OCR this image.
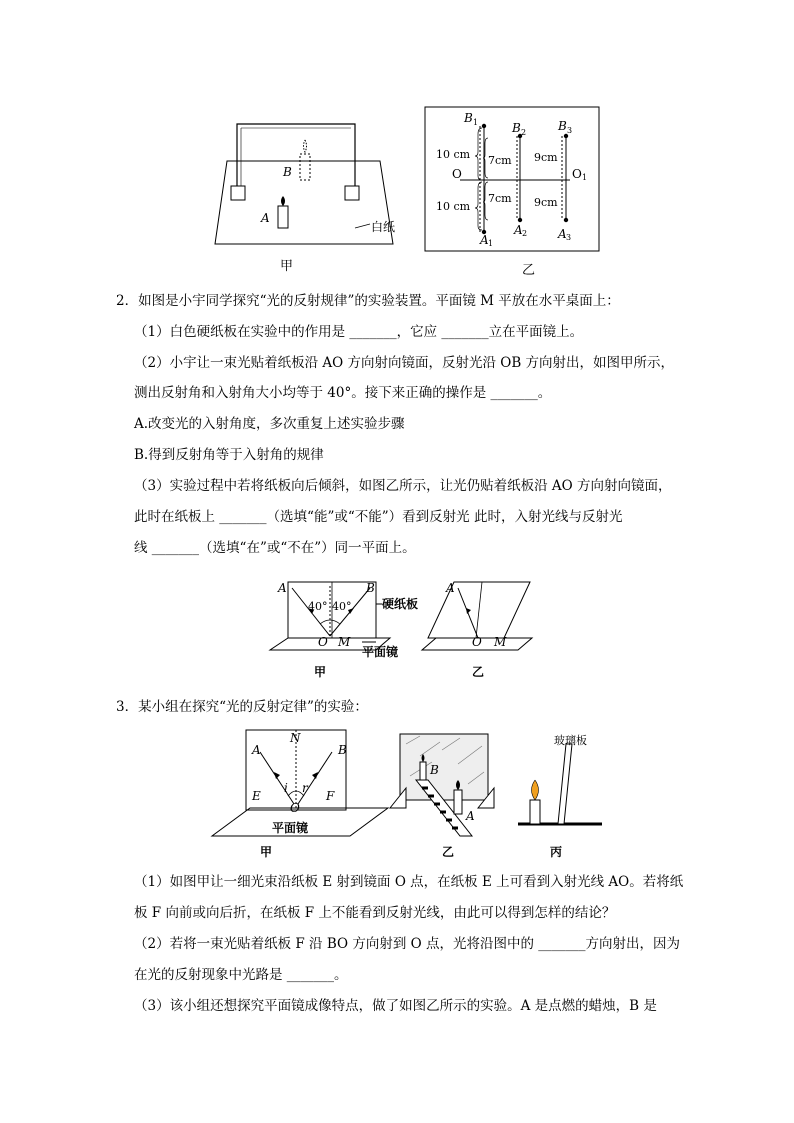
B
A
白纸
B 1	B 2	B 3
A 1
A 2	A 3
O	O 1
10 cm 7cm 9cm
10 cm
7cm 9cm
甲	乙
2．如图是小宇同学探究“光的反射规律”的实验装置。平面镜 M 平放在水平桌面上：
（1）白色硬纸板在实验中的作用是 _______，它应 _______立在平面镜上。
（2）小宇让一束光贴着纸板沿 AO 方向射向镜面，反射光沿 OB 方向射出，如图甲所示，
测出反射角和入射角大小均等于 40°。接下来正确的操作是 _______。
A.改变光的入射角度，多次重复上述实验步骤
B.得到反射角等于入射角的规律
（3）实验过程中若将纸板向后倾斜，如图乙所示，让光仍贴着纸板沿 AO 方向射向镜面，
此时在纸板上 _______（选填“能”或“不能”）看到反射光 此时，入射光线与反射光
线 _______（选填“在”或“不在”）同一平面上。
A	B
40° 40°
O M
硬纸板
平面镜
甲
A
O M
乙
3．某小组在探究“光的反射定律”的实验：
N
A	B
i r
E	F
O
平面镜
甲
B
A
乙
玻璃板
丙
（1）如图甲让一细光束沿纸板 E 射到镜面 O 点，在纸板 E 上可看到入射光线 AO。若将纸
板 F 向前或向后折，在纸板 F 上不能看到反射光线，由此可以得到怎样的结论？
（2）若将一束光贴着纸板 F 沿 BO 方向射到 O 点，光将沿图中的 _______方向射出，因为
在光的反射现象中光路是 _______。
（3）该小组还想探究平面镜成像特点，做了如图乙所示的实验。A 是点燃的蜡烛，B 是
